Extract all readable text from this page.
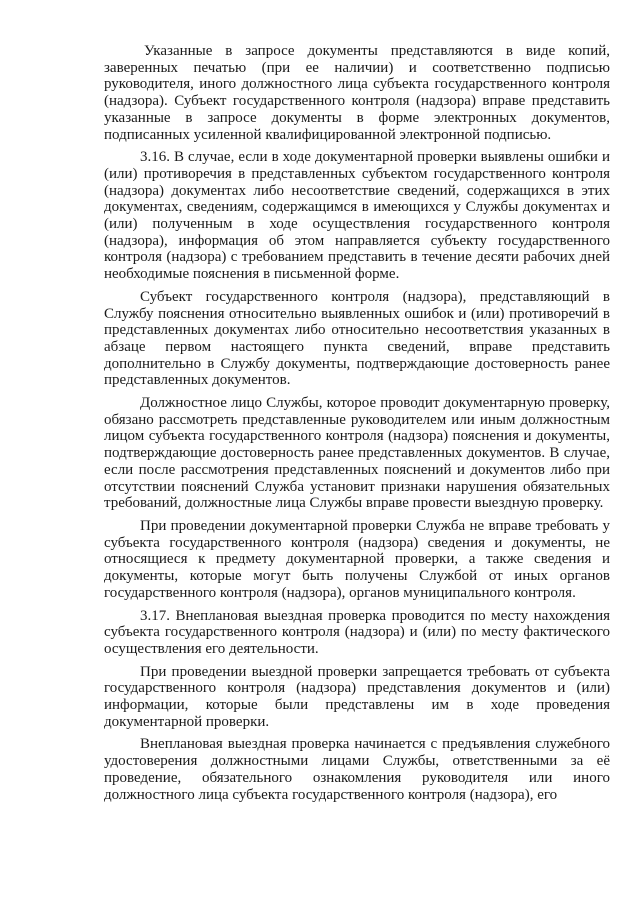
Указанные в запросе документы представляются в виде копий, заверенных печатью (при ее наличии) и соответственно подписью руководителя, иного должностного лица субъекта государственного контроля (надзора). Субъект государственного контроля (надзора) вправе представить указанные в запросе документы в форме электронных документов, подписанных усиленной квалифицированной электронной подписью.

3.16. В случае, если в ходе документарной проверки выявлены ошибки и (или) противоречия в представленных субъектом государственного контроля (надзора) документах либо несоответствие сведений, содержащихся в этих документах, сведениям, содержащимся в имеющихся у Службы документах и (или) полученным в ходе осуществления государственного контроля (надзора), информация об этом направляется субъекту государственного контроля (надзора) с требованием представить в течение десяти рабочих дней необходимые пояснения в письменной форме.

Субъект государственного контроля (надзора), представляющий в Службу пояснения относительно выявленных ошибок и (или) противоречий в представленных документах либо относительно несоответствия указанных в абзаце первом настоящего пункта сведений, вправе представить дополнительно в Службу документы, подтверждающие достоверность ранее представленных документов.

Должностное лицо Службы, которое проводит документарную проверку, обязано рассмотреть представленные руководителем или иным должностным лицом субъекта государственного контроля (надзора) пояснения и документы, подтверждающие достоверность ранее представленных документов. В случае, если после рассмотрения представленных пояснений и документов либо при отсутствии пояснений Служба установит признаки нарушения обязательных требований, должностные лица Службы вправе провести выездную проверку.

При проведении документарной проверки Служба не вправе требовать у субъекта государственного контроля (надзора) сведения и документы, не относящиеся к предмету документарной проверки, а также сведения и документы, которые могут быть получены Службой от иных органов государственного контроля (надзора), органов муниципального контроля.

3.17. Внеплановая выездная проверка проводится по месту нахождения субъекта государственного контроля (надзора) и (или) по месту фактического осуществления его деятельности.

При проведении выездной проверки запрещается требовать от субъекта государственного контроля (надзора) представления документов и (или) информации, которые были представлены им в ходе проведения документарной проверки.

Внеплановая выездная проверка начинается с предъявления служебного удостоверения должностными лицами Службы, ответственными за её проведение, обязательного ознакомления руководителя или иного должностного лица субъекта государственного контроля (надзора), его
